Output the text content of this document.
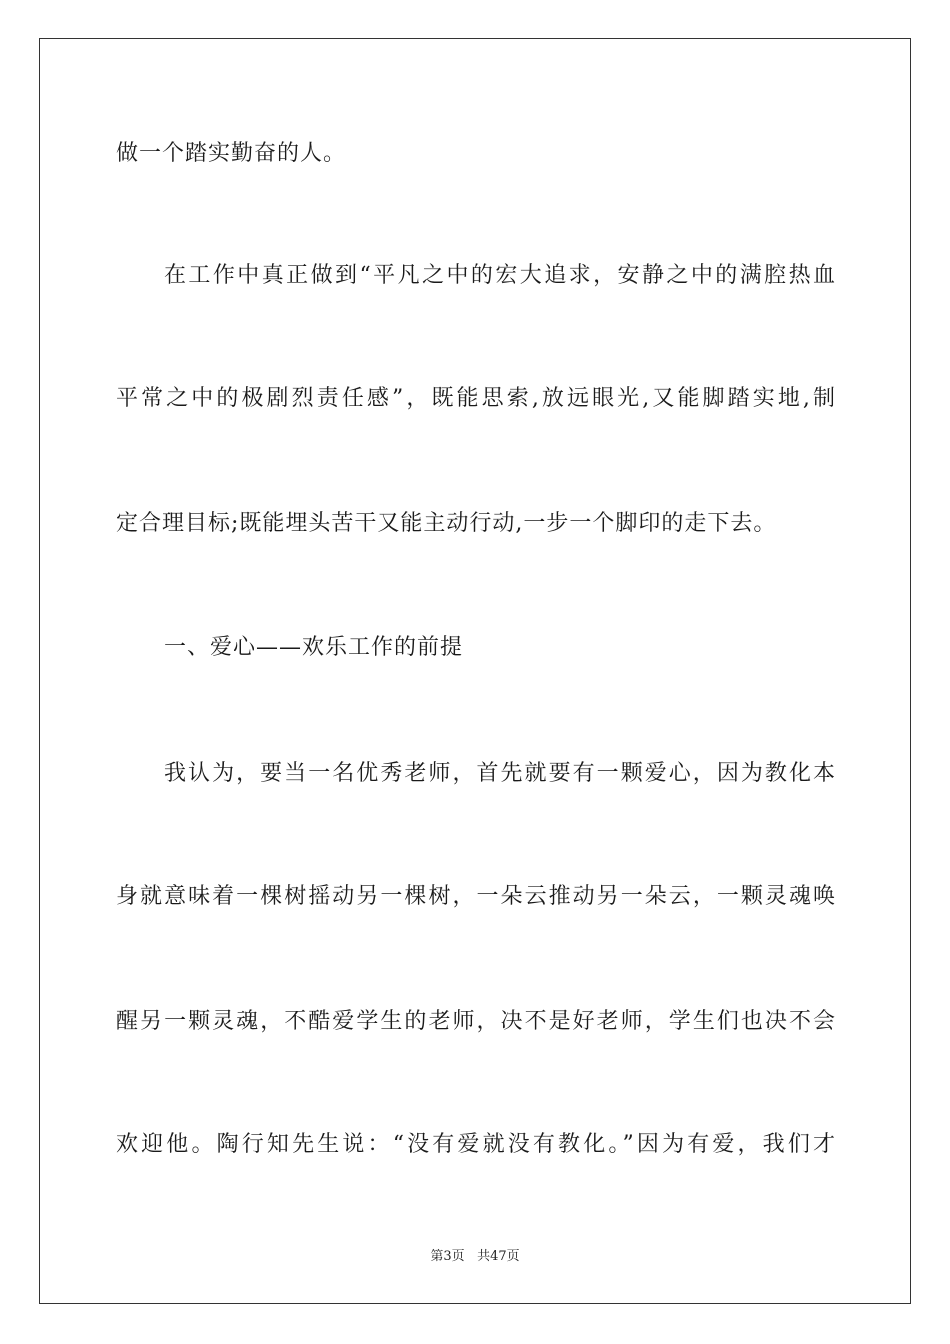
做一个踏实勤奋的人。
在工作中真正做到“平凡之中的宏大追求，安静之中的满腔热血
平常之中的极剧烈责任感”，既能思索,放远眼光,又能脚踏实地,制
定合理目标;既能埋头苦干又能主动行动,一步一个脚印的走下去。
一、爱心——欢乐工作的前提
我认为，要当一名优秀老师，首先就要有一颗爱心，因为教化本
身就意味着一棵树摇动另一棵树，一朵云推动另一朵云，一颗灵魂唤
醒另一颗灵魂，不酷爱学生的老师，决不是好老师，学生们也决不会
欢迎他。陶行知先生说：“没有爱就没有教化。”因为有爱，我们才
第3页 共47页
